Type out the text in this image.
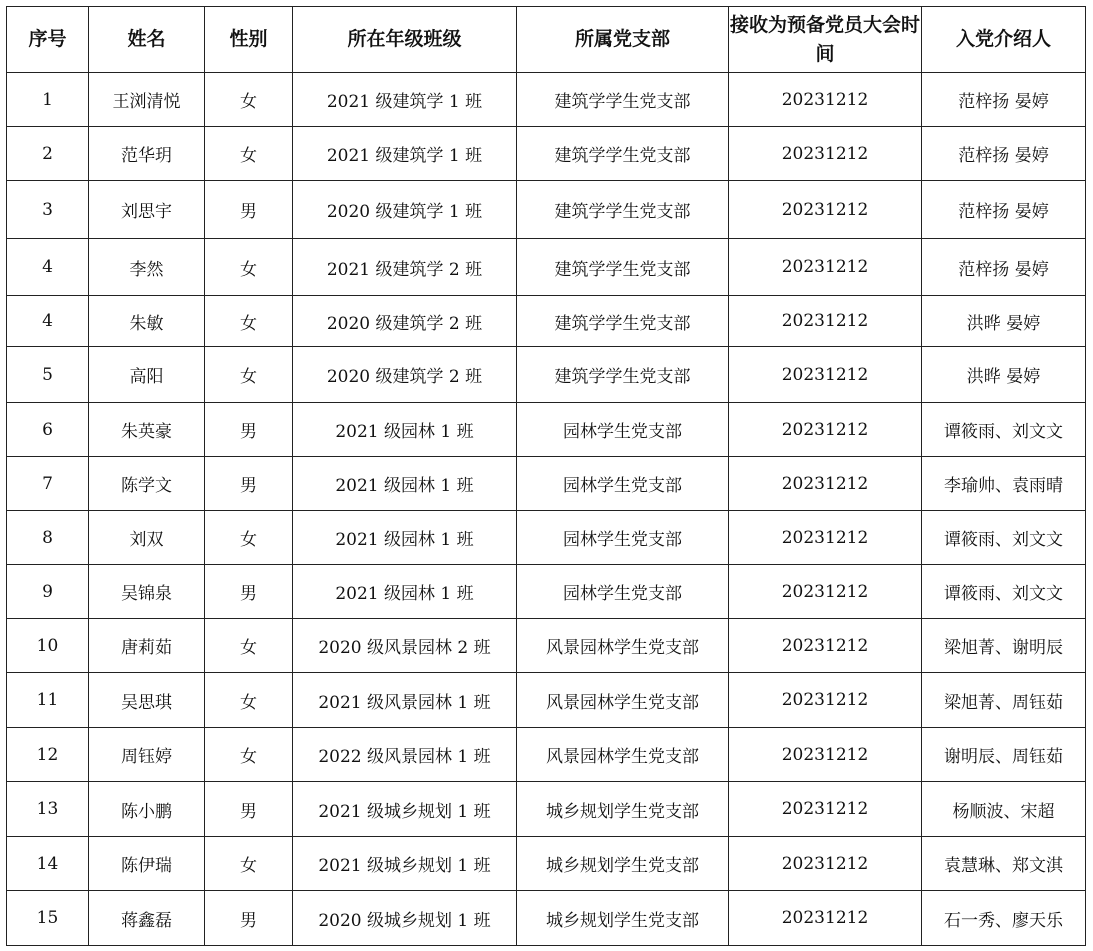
序号	姓名	性别	所在年级班级	所属党支部	接收为预备党员大会时间	入党介绍人
1	王浏清悦	女	2021 级建筑学 1 班	建筑学学生党支部	20231212	范梓扬 晏婷
2	范华玥	女	2021 级建筑学 1 班	建筑学学生党支部	20231212	范梓扬 晏婷
3	刘思宇	男	2020 级建筑学 1 班	建筑学学生党支部	20231212	范梓扬 晏婷
4	李然	女	2021 级建筑学 2 班	建筑学学生党支部	20231212	范梓扬 晏婷
4	朱敏	女	2020 级建筑学 2 班	建筑学学生党支部	20231212	洪晔 晏婷
5	高阳	女	2020 级建筑学 2 班	建筑学学生党支部	20231212	洪晔 晏婷
6	朱英豪	男	2021 级园林 1 班	园林学生党支部	20231212	谭筱雨、刘文文
7	陈学文	男	2021 级园林 1 班	园林学生党支部	20231212	李瑜帅、袁雨晴
8	刘双	女	2021 级园林 1 班	园林学生党支部	20231212	谭筱雨、刘文文
9	吴锦泉	男	2021 级园林 1 班	园林学生党支部	20231212	谭筱雨、刘文文
10	唐莉茹	女	2020 级风景园林 2 班	风景园林学生党支部	20231212	梁旭菁、谢明辰
11	吴思琪	女	2021 级风景园林 1 班	风景园林学生党支部	20231212	梁旭菁、周钰茹
12	周钰婷	女	2022 级风景园林 1 班	风景园林学生党支部	20231212	谢明辰、周钰茹
13	陈小鹏	男	2021 级城乡规划 1 班	城乡规划学生党支部	20231212	杨顺波、宋超
14	陈伊瑞	女	2021 级城乡规划 1 班	城乡规划学生党支部	20231212	袁慧琳、郑文淇
15	蒋鑫磊	男	2020 级城乡规划 1 班	城乡规划学生党支部	20231212	石一秀、廖天乐
